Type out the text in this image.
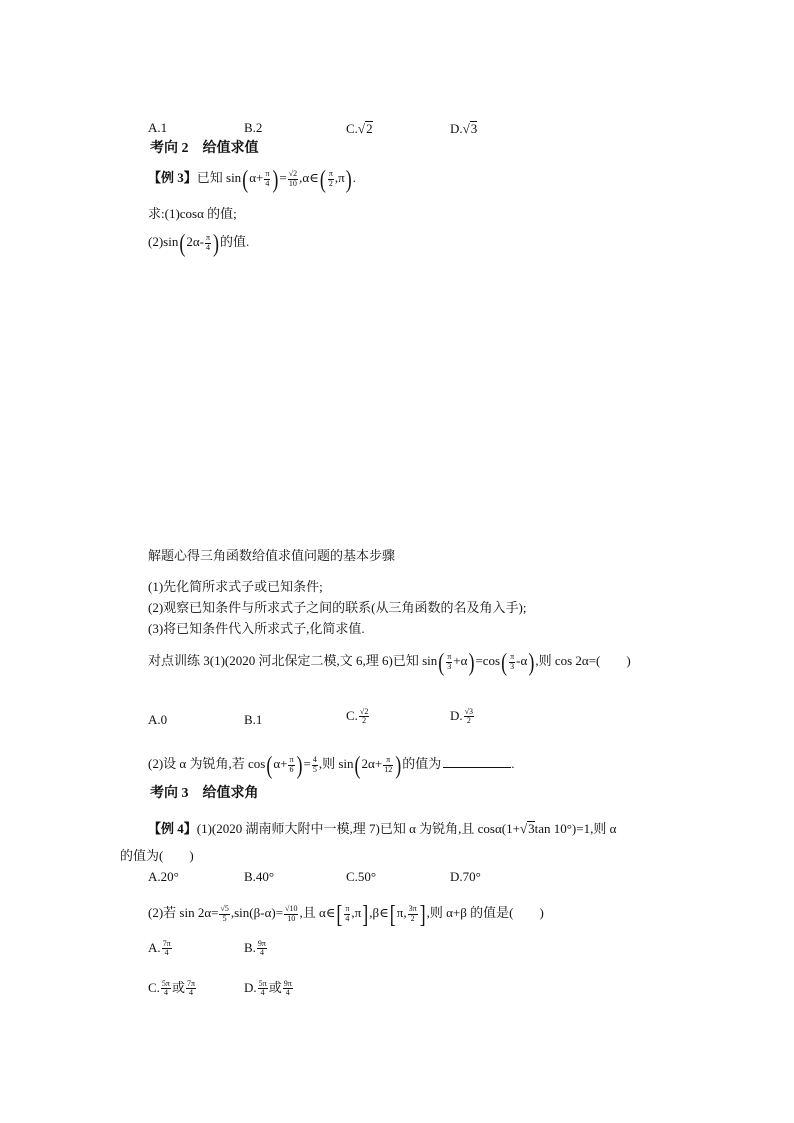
A.1	B.2	C.√2	D.√3
考向 2　给值求值
【例 3】已知 $\sin(\alpha+ \frac{\pi}{4}$ )= $\frac{√2}{10}$ ,α∈( $\frac{\pi}{2} ,\pi$).
求:(1)cosα 的值;
$(2)\sin(2\alpha- \frac{\pi}{4}$ )的值.
解题心得三角函数给值求值问题的基本步骤
(1)先化简所求式子或已知条件;
(2)观察已知条件与所求式子之间的联系(从三角函数的名及角入手);
(3)将已知条件代入所求式子,化简求值.
对点训练 3(1)(2020 河北保定二模,文 6,理 6)已知 $\sin( \frac{\pi}{3} +\alpha)=\cos( \frac{\pi}{3} -\alpha)$,则 cos 2α=(　　)
A.0	B.1	C. $\frac{√2}{2}$	D. $\frac{√3}{2}$
(2)设 α 为锐角,若 $\cos(\alpha+ \frac{\pi}{6}$ )= $\frac{4}{5}$ ,则 $\sin(2\alpha+ \frac{\pi}{12}$ )的值为	.
考向 3　给值求角
【例 4】(1)(2020 湖南师大附中一模,理 7)已知 α 为锐角,且 cosα(1+√3tan 10°)=1,则 α
的值为(　　)
A.20°	B.40°	C.50°	D.70°
(2)若 $\sin 2\alpha= \frac{√5}{5} ,\sin(\beta-\alpha)= \frac{√10}{10}$ ,且 α∈[ $\frac{\pi}{4}$ ,π],β∈[π, $\frac{3\pi}{2}$ ],则 α+β 的值是(　　)
A. $\frac{7\pi}{4}$	B. $\frac{9\pi}{4}$
C. $\frac{5\pi}{4}$ 或 $\frac{7\pi}{4}$	D. $\frac{5\pi}{4}$ 或 $\frac{9\pi}{4}$
